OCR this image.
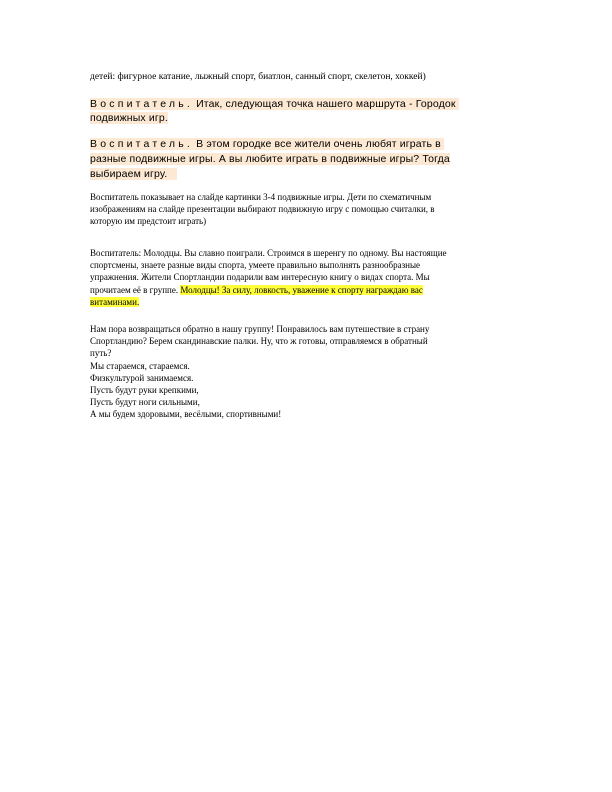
детей: фигурное катание, лыжный спорт, биатлон, санный спорт, скелетон, хоккей)
Воспитатель. Итак, следующая точка нашего маршрута - Городок
подвижных игр.
Воспитатель. В этом городке все жители очень любят играть в
разные подвижные игры. А вы любите играть в подвижные игры? Тогда
выбираем игру.
Воспитатель показывает на слайде картинки 3-4 подвижные игры. Дети по схематичным
изображениям на слайде презентации выбирают подвижную игру с помощью считалки, в
которую им предстоит играть)
Воспитатель: Молодцы. Вы славно поиграли. Строимся в шеренгу по одному. Вы настоящие
спортсмены, знаете разные виды спорта, умеете правильно выполнять разнообразные
упражнения. Жители Спортландии подарили вам интересную книгу о видах спорта. Мы
прочитаем её в группе. Молодцы! За силу, ловкость, уважение к спорту награждаю вас
витаминами.
Нам пора возвращаться обратно в нашу группу! Понравилось вам путешествие в страну
Спортландию? Берем скандинавские палки. Ну, что ж готовы, отправляемся в обратный
путь?
Мы стараемся, стараемся.
Физкультурой занимаемся.
Пусть будут руки крепкими,
Пусть будут ноги сильными,
А мы будем здоровыми, весёлыми, спортивными!
